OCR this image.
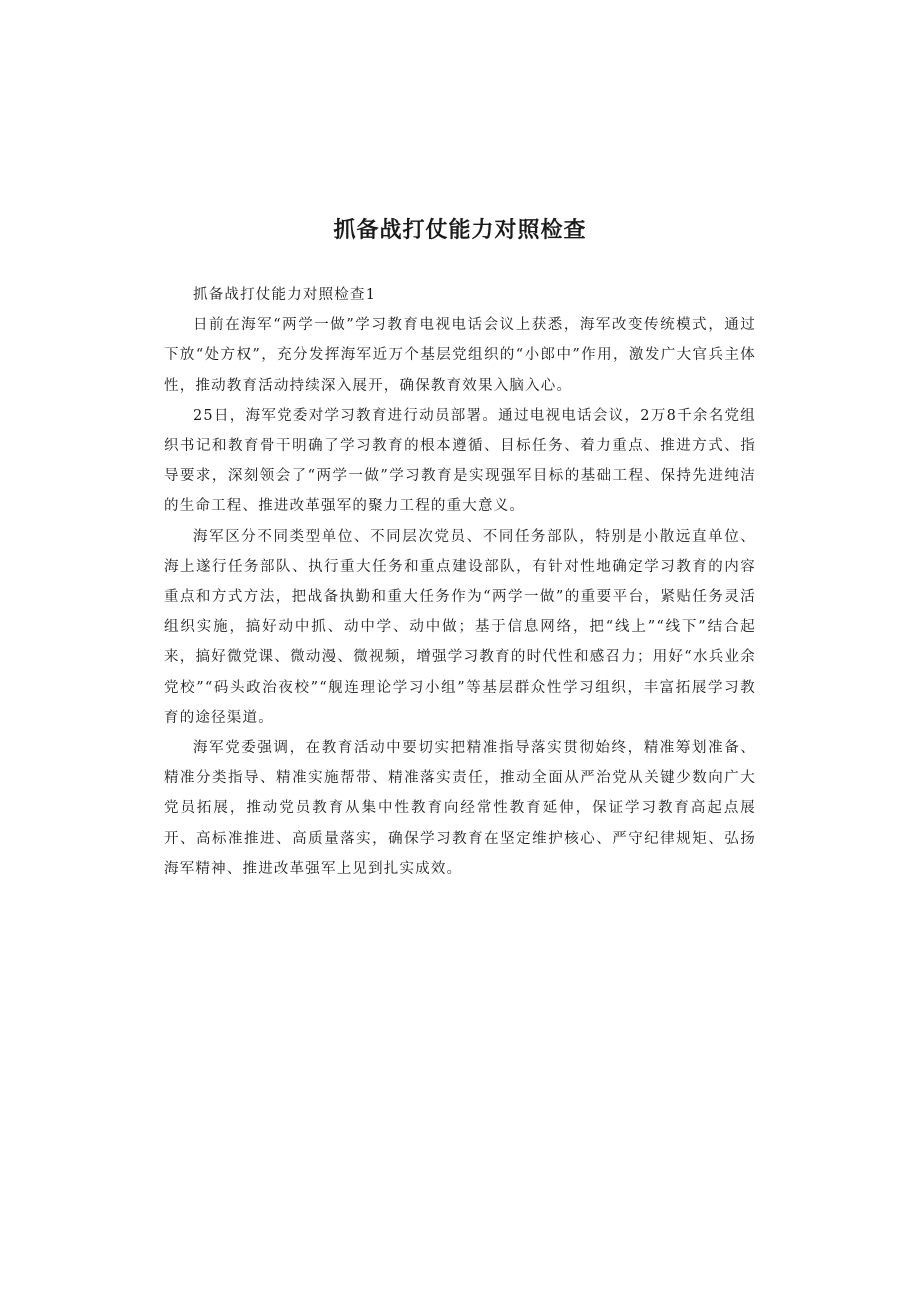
抓备战打仗能力对照检查

抓备战打仗能力对照检查1

日前在海军“两学一做”学习教育电视电话会议上获悉，海军改变传统模式，通过下放“处方权”，充分发挥海军近万个基层党组织的“小郎中”作用，激发广大官兵主体性，推动教育活动持续深入展开，确保教育效果入脑入心。

25日，海军党委对学习教育进行动员部署。通过电视电话会议，2万8千余名党组织书记和教育骨干明确了学习教育的根本遵循、目标任务、着力重点、推进方式、指导要求，深刻领会了“两学一做”学习教育是实现强军目标的基础工程、保持先进纯洁的生命工程、推进改革强军的聚力工程的重大意义。

海军区分不同类型单位、不同层次党员、不同任务部队，特别是小散远直单位、海上遂行任务部队、执行重大任务和重点建设部队，有针对性地确定学习教育的内容重点和方式方法，把战备执勤和重大任务作为“两学一做”的重要平台，紧贴任务灵活组织实施，搞好动中抓、动中学、动中做；基于信息网络，把“线上”“线下”结合起来，搞好微党课、微动漫、微视频，增强学习教育的时代性和感召力；用好“水兵业余党校”“码头政治夜校”“舰连理论学习小组”等基层群众性学习组织，丰富拓展学习教育的途径渠道。

海军党委强调，在教育活动中要切实把精准指导落实贯彻始终，精准筹划准备、精准分类指导、精准实施帮带、精准落实责任，推动全面从严治党从关键少数向广大党员拓展，推动党员教育从集中性教育向经常性教育延伸，保证学习教育高起点展开、高标准推进、高质量落实，确保学习教育在坚定维护核心、严守纪律规矩、弘扬海军精神、推进改革强军上见到扎实成效。
